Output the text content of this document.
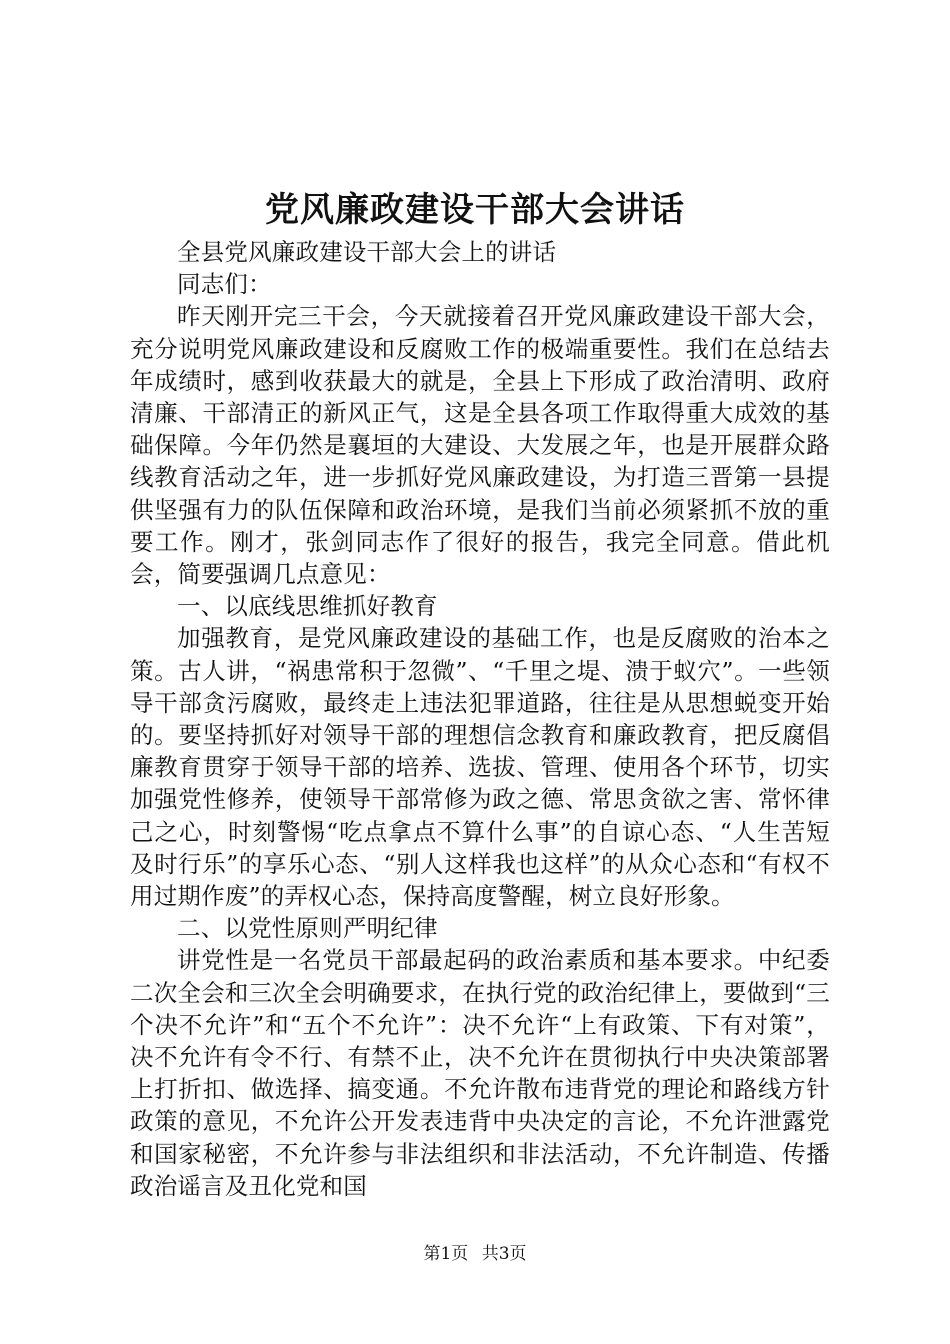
党风廉政建设干部大会讲话

全县党风廉政建设干部大会上的讲话

同志们：

昨天刚开完三干会，今天就接着召开党风廉政建设干部大会，充分说明党风廉政建设和反腐败工作的极端重要性。我们在总结去年成绩时，感到收获最大的就是，全县上下形成了政治清明、政府清廉、干部清正的新风正气，这是全县各项工作取得重大成效的基础保障。今年仍然是襄垣的大建设、大发展之年，也是开展群众路线教育活动之年，进一步抓好党风廉政建设，为打造三晋第一县提供坚强有力的队伍保障和政治环境，是我们当前必须紧抓不放的重要工作。刚才，张剑同志作了很好的报告，我完全同意。借此机会，简要强调几点意见：

一、以底线思维抓好教育

加强教育，是党风廉政建设的基础工作，也是反腐败的治本之策。古人讲，“祸患常积于忽微”、“千里之堤、溃于蚁穴”。一些领导干部贪污腐败，最终走上违法犯罪道路，往往是从思想蜕变开始的。要坚持抓好对领导干部的理想信念教育和廉政教育，把反腐倡廉教育贯穿于领导干部的培养、选拔、管理、使用各个环节，切实加强党性修养，使领导干部常修为政之德、常思贪欲之害、常怀律己之心，时刻警惕“吃点拿点不算什么事”的自谅心态、“人生苦短及时行乐”的享乐心态、“别人这样我也这样”的从众心态和“有权不用过期作废”的弄权心态，保持高度警醒，树立良好形象。

二、以党性原则严明纪律

讲党性是一名党员干部最起码的政治素质和基本要求。中纪委二次全会和三次全会明确要求，在执行党的政治纪律上，要做到“三个决不允许”和“五个不允许”：决不允许“上有政策、下有对策”，决不允许有令不行、有禁不止，决不允许在贯彻执行中央决策部署上打折扣、做选择、搞变通。不允许散布违背党的理论和路线方针政策的意见，不允许公开发表违背中央决定的言论，不允许泄露党和国家秘密，不允许参与非法组织和非法活动，不允许制造、传播政治谣言及丑化党和国

第1页 共3页
